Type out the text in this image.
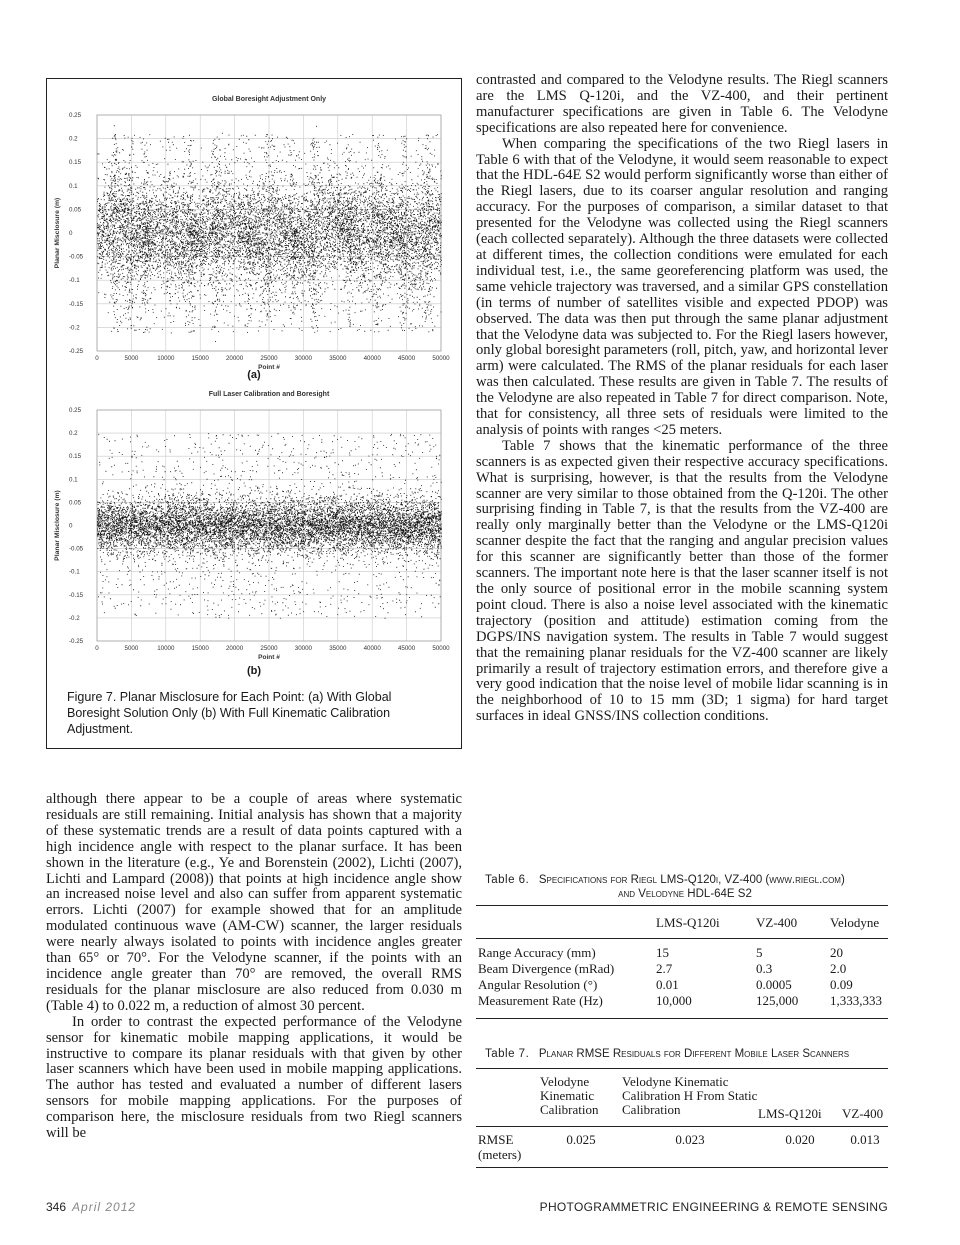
Global Boresight Adjustment Only
0.25
0.2
0.15
0.1
0.05
0
-0.05
-0.1
-0.15
-0.2
-0.25
0	5000	10000	15000	20000	25000	30000	35000	40000	45000	50000
Point #
Planar Misclosure (m)
(a)
Full Laser Calibration and Boresight
0.25
0.2
0.15
0.1
0.05
0
-0.05
-0.1
-0.15
-0.2
-0.25
0	5000	10000	15000	20000	25000	30000	35000	40000	45000	50000
Point #
Planar Misclosure (m)
(b)
Figure 7. Planar Misclosure for Each Point: (a) With Global Boresight Solution Only (b) With Full Kinematic Calibration Adjustment.

although there appear to be a couple of areas where systematic residuals are still remaining. Initial analysis has shown that a majority of these systematic trends are a result of data points captured with a high incidence angle with respect to the planar surface. It has been shown in the literature (e.g., Ye and Borenstein (2002), Lichti (2007), Lichti and Lampard (2008)) that points at high incidence angle show an increased noise level and also can suffer from apparent systematic errors. Lichti (2007) for example showed that for an amplitude modulated continuous wave (AM-CW) scanner, the larger residuals were nearly always isolated to points with incidence angles greater than 65° or 70°. For the Velodyne scanner, if the points with an incidence angle greater than 70° are removed, the overall RMS residuals for the planar misclosure are also reduced from 0.030 m (Table 4) to 0.022 m, a reduction of almost 30 percent.

In order to contrast the expected performance of the Velodyne sensor for kinematic mobile mapping applications, it would be instructive to compare its planar residuals with that given by other laser scanners which have been used in mobile mapping applications. The author has tested and evaluated a number of different lasers sensors for mobile mapping applications. For the purposes of comparison here, the misclosure residuals from two Riegl scanners will be

contrasted and compared to the Velodyne results. The Riegl scanners are the LMS Q-120i, and the VZ-400, and their pertinent manufacturer specifications are given in Table 6. The Velodyne specifications are also repeated here for convenience.

When comparing the specifications of the two Riegl lasers in Table 6 with that of the Velodyne, it would seem reasonable to expect that the HDL-64E S2 would perform significantly worse than either of the Riegl lasers, due to its coarser angular resolution and ranging accuracy. For the purposes of comparison, a similar dataset to that presented for the Velodyne was collected using the Riegl scanners (each collected separately). Although the three datasets were collected at different times, the collection conditions were emulated for each individual test, i.e., the same georeferencing platform was used, the same vehicle trajectory was traversed, and a similar GPS constellation (in terms of number of satellites visible and expected PDOP) was observed. The data was then put through the same planar adjustment that the Velodyne data was subjected to. For the Riegl lasers however, only global boresight parameters (roll, pitch, yaw, and horizontal lever arm) were calculated. The RMS of the planar residuals for each laser was then calculated. These results are given in Table 7. The results of the Velodyne are also repeated in Table 7 for direct comparison. Note, that for consistency, all three sets of residuals were limited to the analysis of points with ranges <25 meters.

Table 7 shows that the kinematic performance of the three scanners is as expected given their respective accuracy specifications. What is surprising, however, is that the results from the Velodyne scanner are very similar to those obtained from the Q-120i. The other surprising finding in Table 7, is that the results from the VZ-400 are really only marginally better than the Velodyne or the LMS-Q120i scanner despite the fact that the ranging and angular precision values for this scanner are significantly better than those of the former scanners. The important note here is that the laser scanner itself is not the only source of positional error in the mobile scanning system point cloud. There is also a noise level associated with the kinematic trajectory (position and attitude) estimation coming from the DGPS/INS navigation system. The results in Table 7 would suggest that the remaining planar residuals for the VZ-400 scanner are likely primarily a result of trajectory estimation errors, and therefore give a very good indication that the noise level of mobile lidar scanning is in the neighborhood of 10 to 15 mm (3D; 1 sigma) for hard target surfaces in ideal GNSS/INS collection conditions.

Table 6. Specifications for Riegl LMS-Q120i, VZ-400 (www.riegl.com)
and Velodyne HDL-64E S2
	LMS-Q120i	VZ-400	Velodyne
Range Accuracy (mm)	15	5	20
Beam Divergence (mRad)	2.7	0.3	2.0
Angular Resolution (°)	0.01	0.0005	0.09
Measurement Rate (Hz)	10,000	125,000	1,333,333
Table 7. Planar RMSE Residuals for Different Mobile Laser Scanners
	Velodyne Kinematic Calibration	Velodyne Kinematic Calibration H From Static Calibration	LMS-Q120i	VZ-400
RMSE (meters)	0.025	0.023	0.020	0.013
346 April 2012	PHOTOGRAMMETRIC ENGINEERING & REMOTE SENSING
